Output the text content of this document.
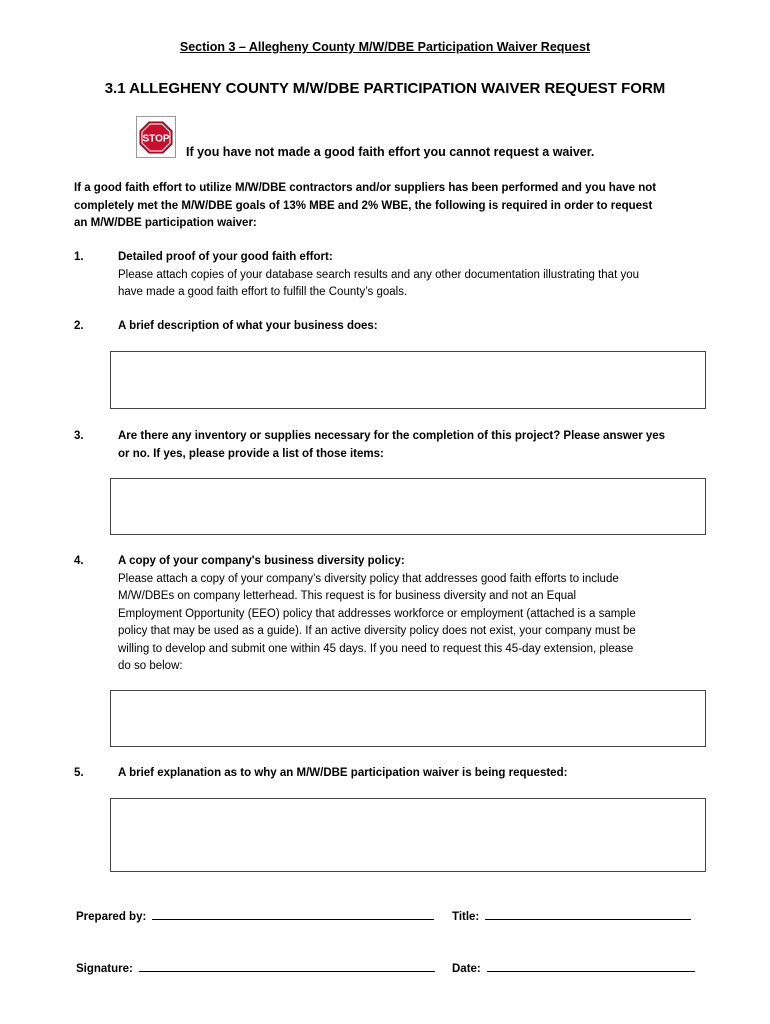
Section 3 – Allegheny County M/W/DBE Participation Waiver Request
3.1 ALLEGHENY COUNTY M/W/DBE PARTICIPATION WAIVER REQUEST FORM
STOP
If you have not made a good faith effort you cannot request a waiver.
If a good faith effort to utilize M/W/DBE contractors and/or suppliers has been performed and you have not
completely met the M/W/DBE goals of 13% MBE and 2% WBE, the following is required in order to request
an M/W/DBE participation waiver:
1.	Detailed proof of your good faith effort:
Please attach copies of your database search results and any other documentation illustrating that you
have made a good faith effort to fulfill the County’s goals.
2.	A brief description of what your business does:
3.	Are there any inventory or supplies necessary for the completion of this project? Please answer yes
or no. If yes, please provide a list of those items:
4.	A copy of your company's business diversity policy:
Please attach a copy of your company’s diversity policy that addresses good faith efforts to include
M/W/DBEs on company letterhead. This request is for business diversity and not an Equal
Employment Opportunity (EEO) policy that addresses workforce or employment (attached is a sample
policy that may be used as a guide). If an active diversity policy does not exist, your company must be
willing to develop and submit one within 45 days. If you need to request this 45-day extension, please
do so below:
5.	A brief explanation as to why an M/W/DBE participation waiver is being requested:
Prepared by:	Title:
Signature:	Date:
